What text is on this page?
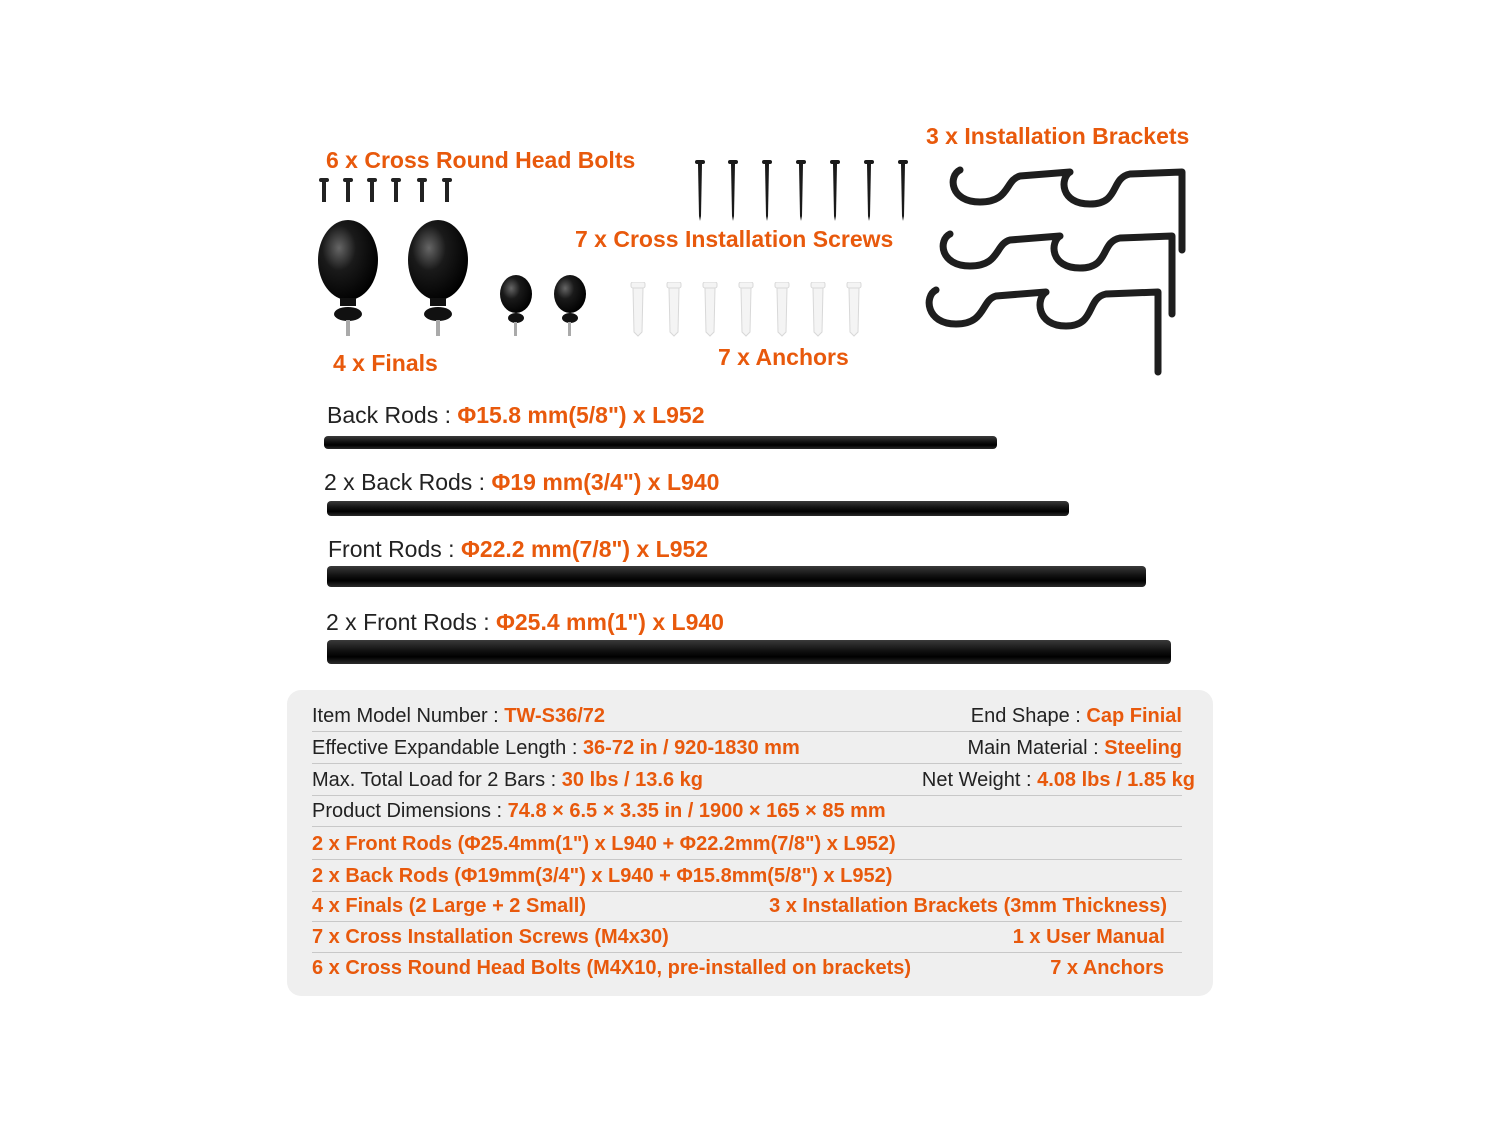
6 x Cross Round Head Bolts
3 x Installation Brackets
7 x Cross Installation Screws
4 x Finals	7 x Anchors
Back Rods : Φ15.8 mm(5/8") x L952
2 x Back Rods : Φ19 mm(3/4") x L940
Front Rods : Φ22.2 mm(7/8") x L952
2 x Front Rods : Φ25.4 mm(1") x L940
Item Model Number : TW-S36/72	End Shape : Cap Finial
Effective Expandable Length : 36-72 in / 920-1830 mm	Main Material : Steeling
Max. Total Load for 2 Bars : 30 lbs / 13.6 kg	Net Weight : 4.08 lbs / 1.85 kg
Product Dimensions : 74.8 × 6.5 × 3.35 in / 1900 × 165 × 85 mm
2 x Front Rods (Φ25.4mm(1") x L940 + Φ22.2mm(7/8") x L952)
2 x Back Rods (Φ19mm(3/4") x L940 + Φ15.8mm(5/8") x L952)
4 x Finals (2 Large + 2 Small)	3 x Installation Brackets (3mm Thickness)
7 x Cross Installation Screws (M4x30)	1 x User Manual
6 x Cross Round Head Bolts (M4X10, pre-installed on brackets)	7 x Anchors
